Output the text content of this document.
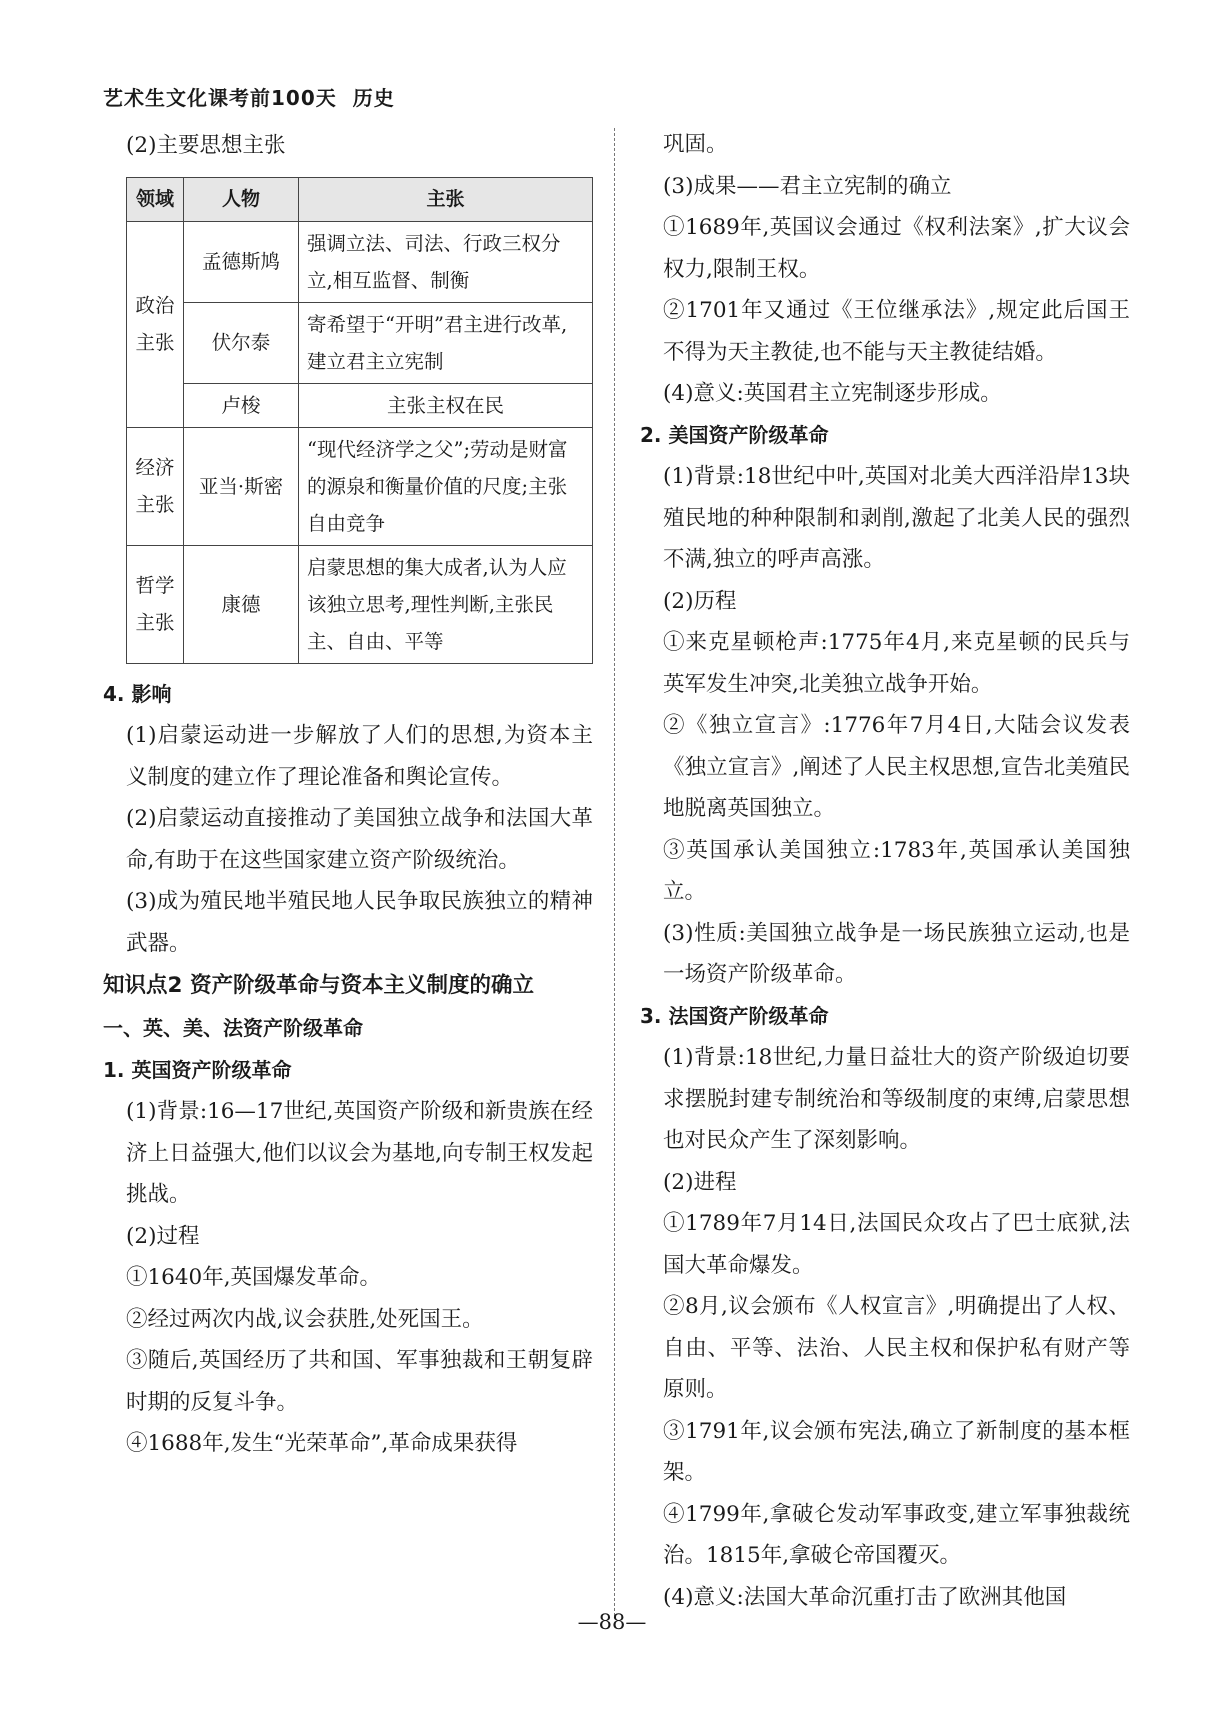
艺术生文化课考前100天 历史

(2)主要思想主张

领域	人物	主张
政治主张	孟德斯鸠	强调立法、司法、行政三权分立,相互监督、制衡
	伏尔泰	寄希望于“开明”君主进行改革,建立君主立宪制
	卢梭	主张主权在民
经济主张	亚当·斯密	“现代经济学之父”;劳动是财富的源泉和衡量价值的尺度;主张自由竞争
哲学主张	康德	启蒙思想的集大成者,认为人应该独立思考,理性判断,主张民主、自由、平等

4. 影响

(1)启蒙运动进一步解放了人们的思想,为资本主义制度的建立作了理论准备和舆论宣传。

(2)启蒙运动直接推动了美国独立战争和法国大革命,有助于在这些国家建立资产阶级统治。

(3)成为殖民地半殖民地人民争取民族独立的精神武器。

知识点2 资产阶级革命与资本主义制度的确立

一、英、美、法资产阶级革命

1. 英国资产阶级革命

(1)背景:16—17世纪,英国资产阶级和新贵族在经济上日益强大,他们以议会为基地,向专制王权发起挑战。

(2)过程

①1640年,英国爆发革命。

②经过两次内战,议会获胜,处死国王。

③随后,英国经历了共和国、军事独裁和王朝复辟时期的反复斗争。

④1688年,发生“光荣革命”,革命成果获得

巩固。

(3)成果——君主立宪制的确立

①1689年,英国议会通过《权利法案》,扩大议会权力,限制王权。

②1701年又通过《王位继承法》,规定此后国王不得为天主教徒,也不能与天主教徒结婚。

(4)意义:英国君主立宪制逐步形成。

2. 美国资产阶级革命

(1)背景:18世纪中叶,英国对北美大西洋沿岸13块殖民地的种种限制和剥削,激起了北美人民的强烈不满,独立的呼声高涨。

(2)历程

①来克星顿枪声:1775年4月,来克星顿的民兵与英军发生冲突,北美独立战争开始。

②《独立宣言》:1776年7月4日,大陆会议发表《独立宣言》,阐述了人民主权思想,宣告北美殖民地脱离英国独立。

③英国承认美国独立:1783年,英国承认美国独立。

(3)性质:美国独立战争是一场民族独立运动,也是一场资产阶级革命。

3. 法国资产阶级革命

(1)背景:18世纪,力量日益壮大的资产阶级迫切要求摆脱封建专制统治和等级制度的束缚,启蒙思想也对民众产生了深刻影响。

(2)进程

①1789年7月14日,法国民众攻占了巴士底狱,法国大革命爆发。

②8月,议会颁布《人权宣言》,明确提出了人权、自由、平等、法治、人民主权和保护私有财产等原则。

③1791年,议会颁布宪法,确立了新制度的基本框架。

④1799年,拿破仑发动军事政变,建立军事独裁统治。1815年,拿破仑帝国覆灭。

(4)意义:法国大革命沉重打击了欧洲其他国

—88—
